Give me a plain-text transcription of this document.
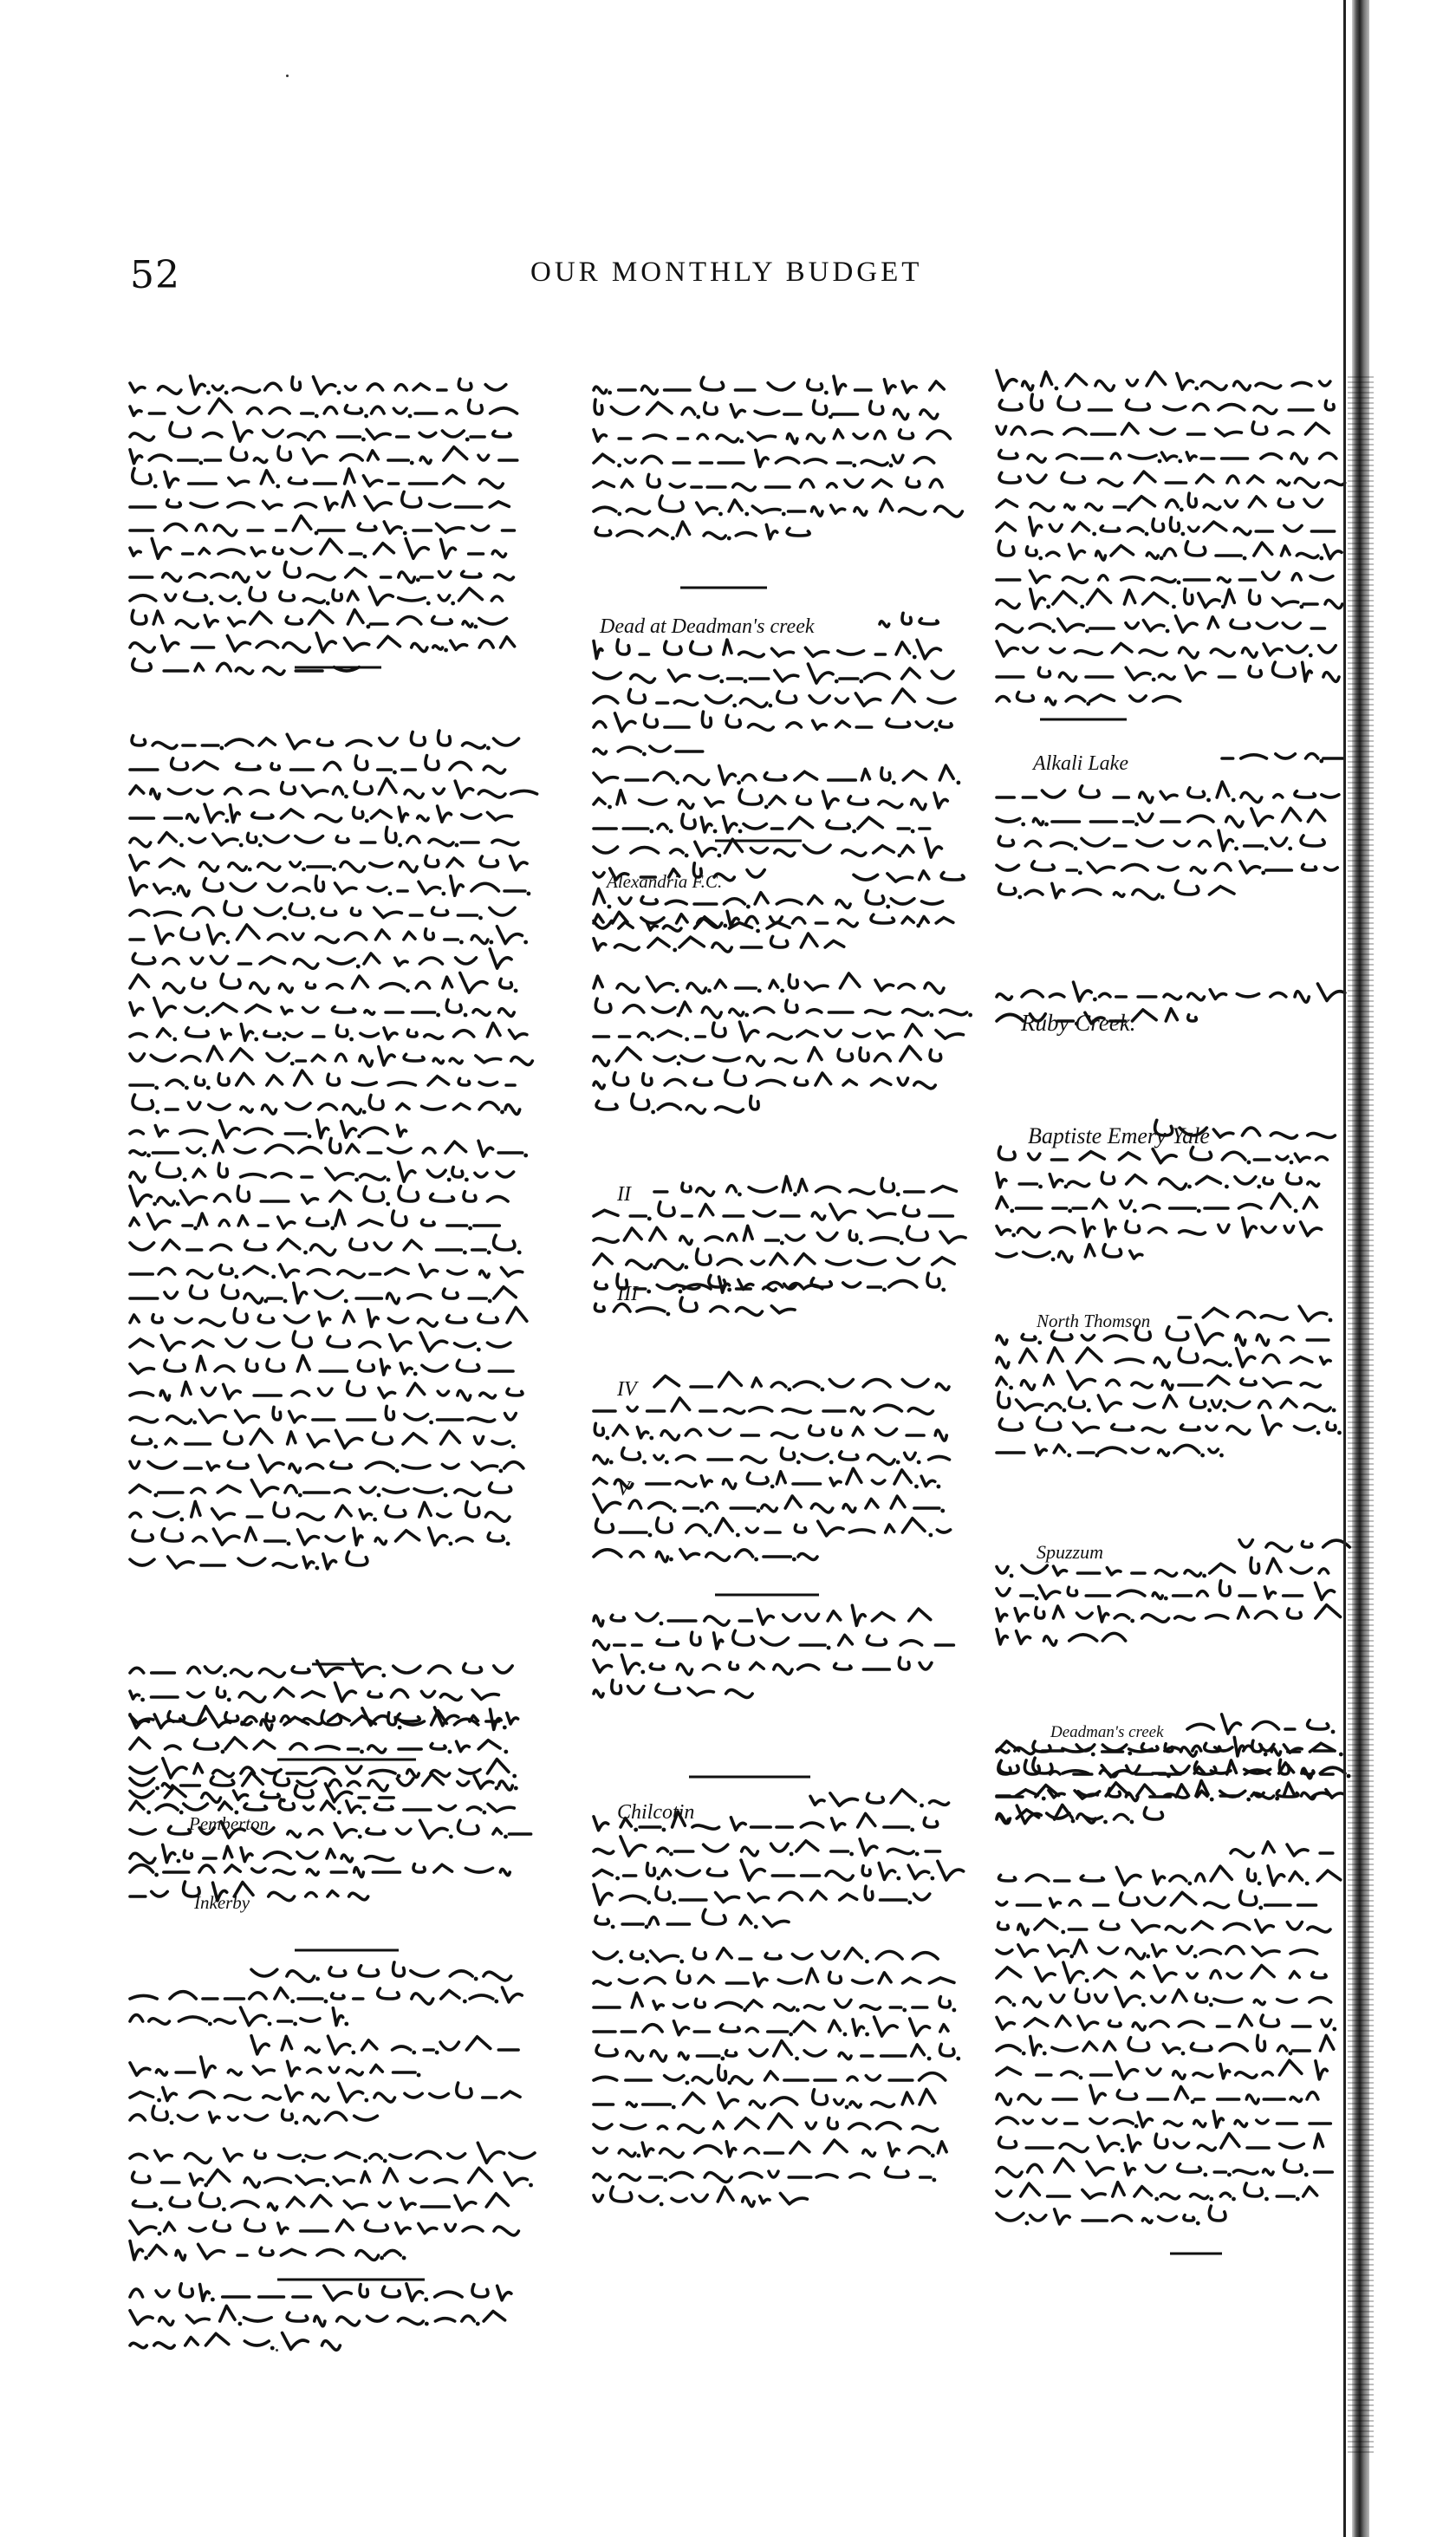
52	OUR MONTHLY BUDGET
Dead at Deadman's creek
Alexandria F.C.
II
III
IV
V
Chilcotin
Pemberton
Inkerby
Alkali Lake
Ruby Creek.
Baptiste Emery Yale
North Thomson
Spuzzum
Deadman's creek
